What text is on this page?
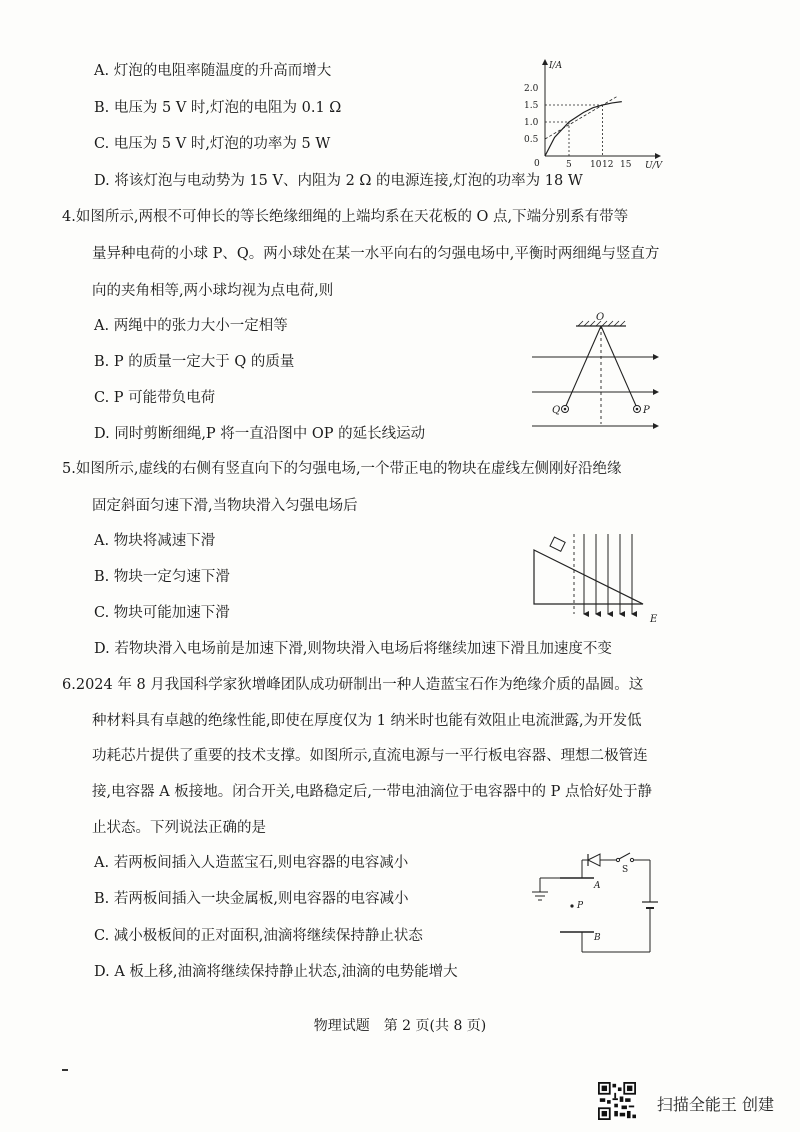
A. 灯泡的电阻率随温度的升高而增大
B. 电压为 5 V 时,灯泡的电阻为 0.1 Ω
C. 电压为 5 V 时,灯泡的功率为 5 W
D. 将该灯泡与电动势为 15 V、内阻为 2 Ω 的电源连接,灯泡的功率为 18 W
I/A
U/V
0
2.0
1.5
1.0
0.5
5 10 12 15
4.如图所示,两根不可伸长的等长绝缘细绳的上端均系在天花板的 O 点,下端分别系有带等
量异种电荷的小球 P、Q。两小球处在某一水平向右的匀强电场中,平衡时两细绳与竖直方
向的夹角相等,两小球均视为点电荷,则
A. 两绳中的张力大小一定相等
B. P 的质量一定大于 Q 的质量
C. P 可能带负电荷
D. 同时剪断细绳,P 将一直沿图中 OP 的延长线运动
O
Q	P
5.如图所示,虚线的右侧有竖直向下的匀强电场,一个带正电的物块在虚线左侧刚好沿绝缘
固定斜面匀速下滑,当物块滑入匀强电场后
A. 物块将减速下滑
B. 物块一定匀速下滑
C. 物块可能加速下滑
D. 若物块滑入电场前是加速下滑,则物块滑入电场后将继续加速下滑且加速度不变
E
6.2024 年 8 月我国科学家狄增峰团队成功研制出一种人造蓝宝石作为绝缘介质的晶圆。这
种材料具有卓越的绝缘性能,即使在厚度仅为 1 纳米时也能有效阻止电流泄露,为开发低
功耗芯片提供了重要的技术支撑。如图所示,直流电源与一平行板电容器、理想二极管连
接,电容器 A 板接地。闭合开关,电路稳定后,一带电油滴位于电容器中的 P 点恰好处于静
止状态。下列说法正确的是
A. 若两板间插入人造蓝宝石,则电容器的电容减小
B. 若两板间插入一块金属板,则电容器的电容减小
C. 减小极板间的正对面积,油滴将继续保持静止状态
D. A 板上移,油滴将继续保持静止状态,油滴的电势能增大
S
A
B
P
物理试题　第 2 页(共 8 页)
扫描全能王 创建
